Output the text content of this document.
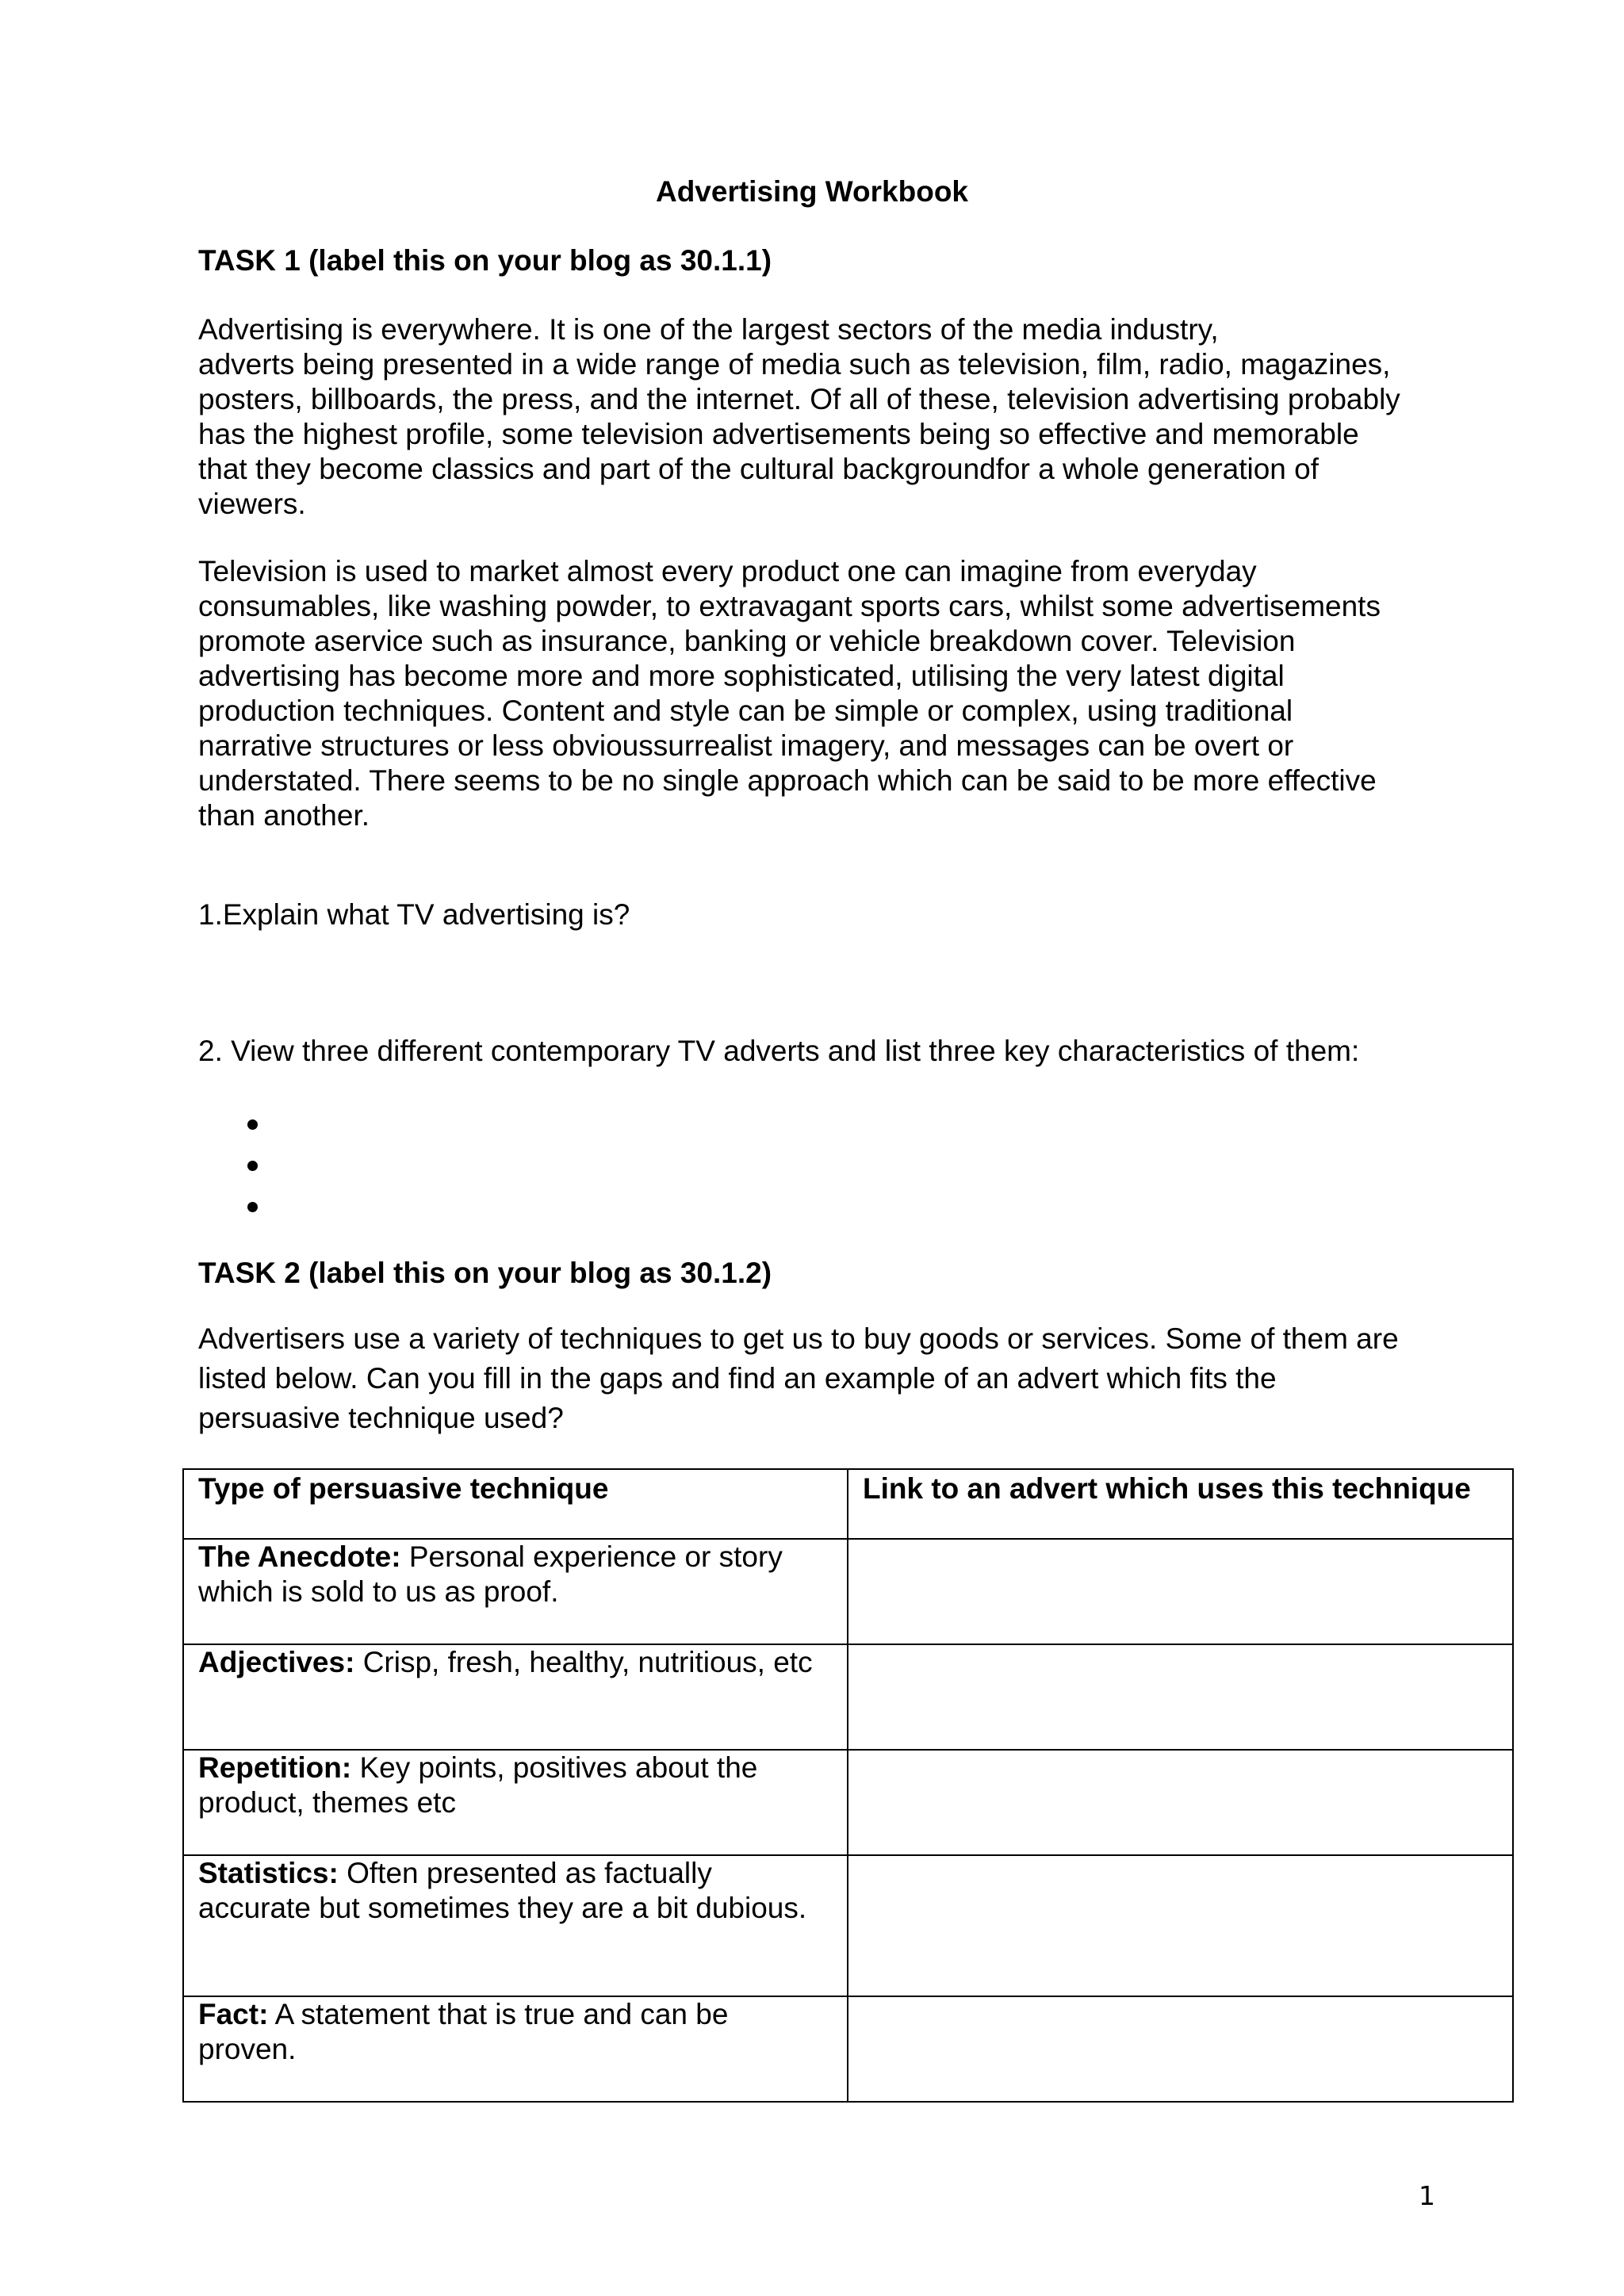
Advertising Workbook
TASK 1 (label this on your blog as 30.1.1)

Advertising is everywhere. It is one of the largest sectors of the media industry,
adverts being presented in a wide range of media such as television, film, radio, magazines,
posters, billboards, the press, and the internet. Of all of these, television advertising probably
has the highest profile, some television advertisements being so effective and memorable
that they become classics and part of the cultural backgroundfor a whole generation of
viewers.

Television is used to market almost every product one can imagine from everyday
consumables, like washing powder, to extravagant sports cars, whilst some advertisements
promote aservice such as insurance, banking or vehicle breakdown cover. Television
advertising has become more and more sophisticated, utilising the very latest digital
production techniques. Content and style can be simple or complex, using traditional
narrative structures or less obvioussurrealist imagery, and messages can be overt or
understated. There seems to be no single approach which can be said to be more effective
than another.

1.Explain what TV advertising is?

2. View three different contemporary TV adverts and list three key characteristics of them:

TASK 2 (label this on your blog as 30.1.2)

Advertisers use a variety of techniques to get us to buy goods or services. Some of them are
listed below. Can you fill in the gaps and find an example of an advert which fits the
persuasive technique used?

Type of persuasive technique	Link to an advert which uses this technique
The Anecdote: Personal experience or story which is sold to us as proof.	
Adjectives: Crisp, fresh, healthy, nutritious, etc	
Repetition: Key points, positives about the product, themes etc	
Statistics: Often presented as factually accurate but sometimes they are a bit dubious.	
Fact: A statement that is true and can be proven.	
1
